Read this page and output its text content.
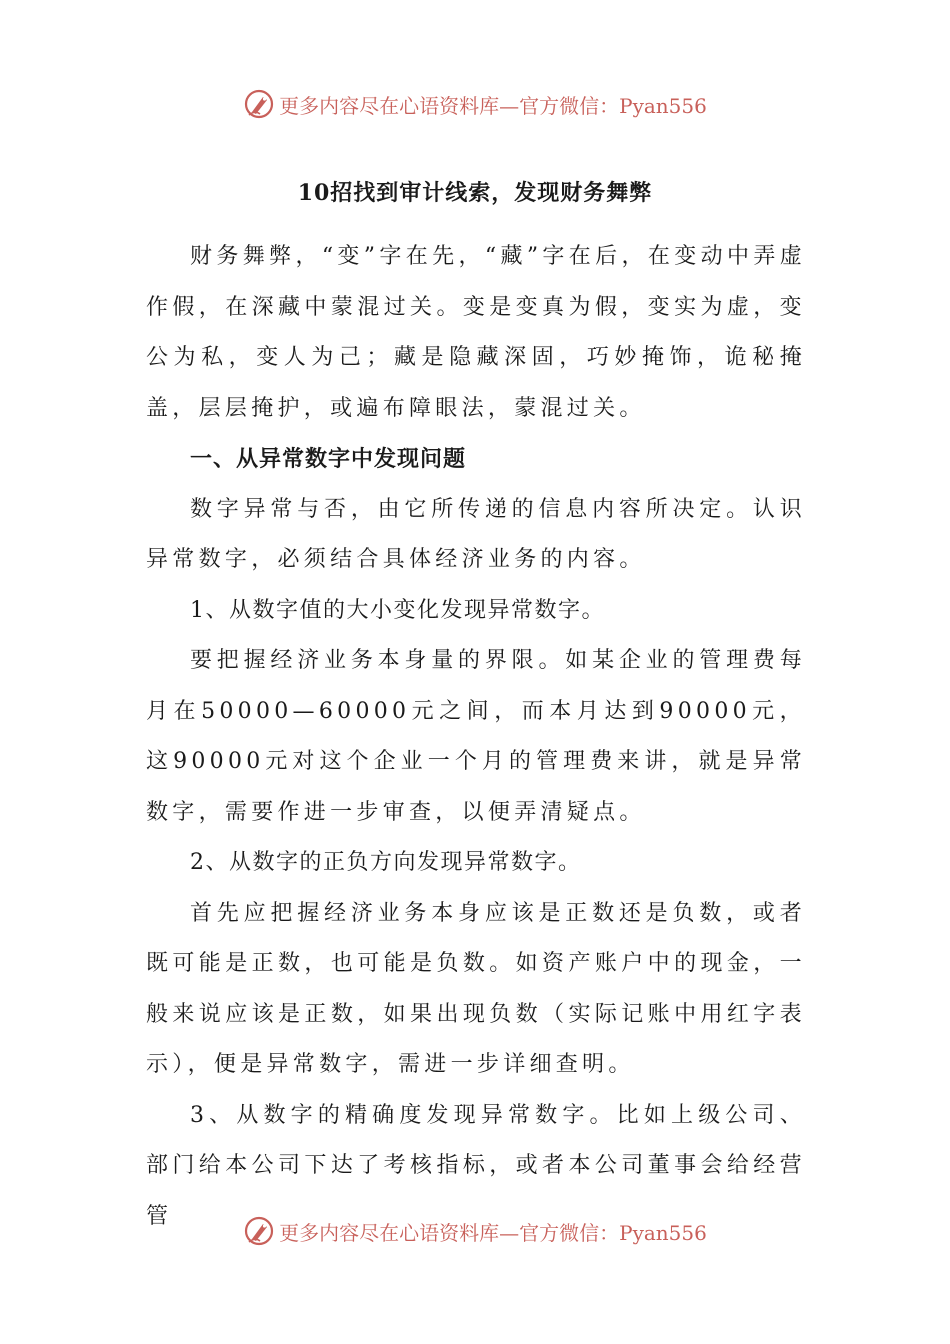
更多内容尽在心语资料库—官方微信：Pyan556
10招找到审计线索，发现财务舞弊

财务舞弊，“变”字在先，“藏”字在后，在变动中弄虚作假，在深藏中蒙混过关。变是变真为假，变实为虚，变公为私，变人为己；藏是隐藏深固，巧妙掩饰，诡秘掩盖，层层掩护，或遍布障眼法，蒙混过关。

一、从异常数字中发现问题

数字异常与否，由它所传递的信息内容所决定。认识异常数字，必须结合具体经济业务的内容。

1、从数字值的大小变化发现异常数字。

要把握经济业务本身量的界限。如某企业的管理费每月在50000—60000元之间，而本月达到90000元，这90000元对这个企业一个月的管理费来讲，就是异常数字，需要作进一步审查，以便弄清疑点。

2、从数字的正负方向发现异常数字。

首先应把握经济业务本身应该是正数还是负数，或者既可能是正数，也可能是负数。如资产账户中的现金，一般来说应该是正数，如果出现负数（实际记账中用红字表示），便是异常数字，需进一步详细查明。

3、从数字的精确度发现异常数字。比如上级公司、部门给本公司下达了考核指标，或者本公司董事会给经营管

更多内容尽在心语资料库—官方微信：Pyan556
